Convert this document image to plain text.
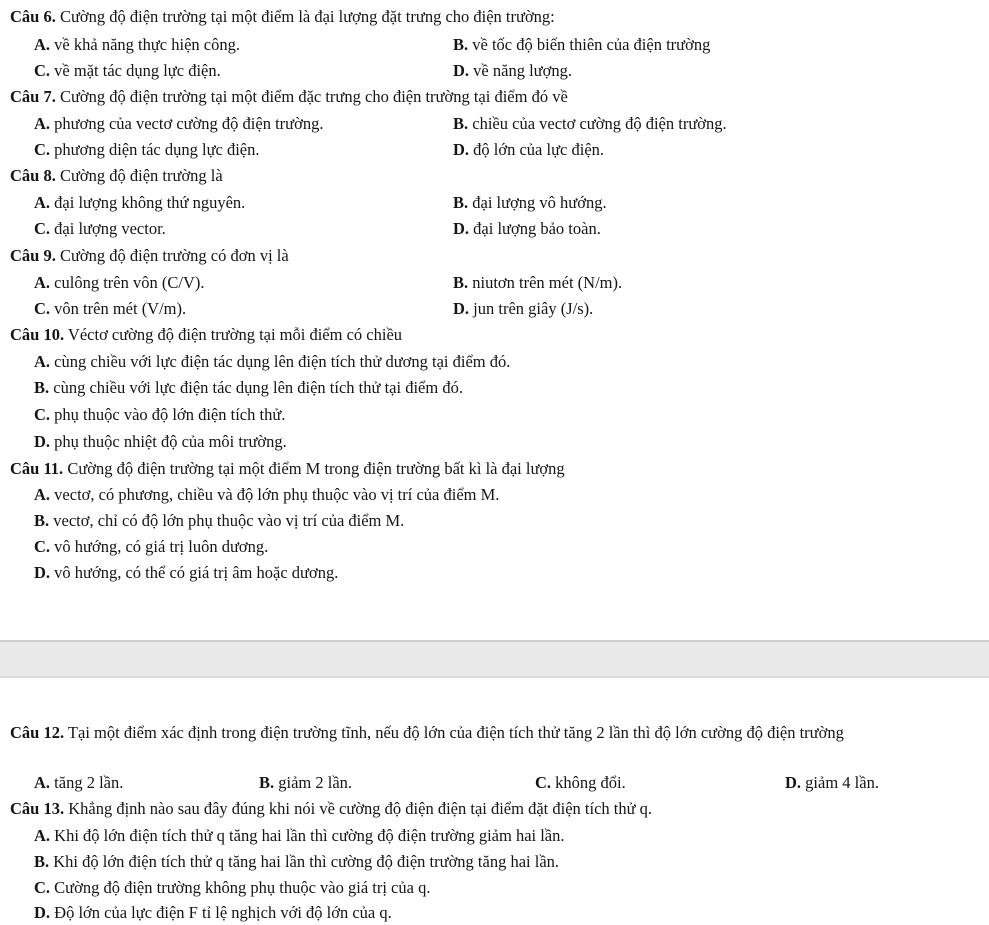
Câu 6. Cường độ điện trường tại một điểm là đại lượng đặt trưng cho điện trường:
A. về khả năng thực hiện công.	B. về tốc độ biến thiên của điện trường
C. về mặt tác dụng lực điện.	D. về năng lượng.
Câu 7. Cường độ điện trường tại một điểm đặc trưng cho điện trường tại điểm đó về
A. phương của vectơ cường độ điện trường.	B. chiều của vectơ cường độ điện trường.
C. phương diện tác dụng lực điện.	D. độ lớn của lực điện.
Câu 8. Cường độ điện trường là
A. đại lượng không thứ nguyên.	B. đại lượng vô hướng.
C. đại lượng vector.	D. đại lượng bảo toàn.
Câu 9. Cường độ điện trường có đơn vị là
A. culông trên vôn (C/V).	B. niutơn trên mét (N/m).
C. vôn trên mét (V/m).	D. jun trên giây (J/s).
Câu 10. Véctơ cường độ điện trường tại mỗi điểm có chiều
A. cùng chiều với lực điện tác dụng lên điện tích thử dương tại điểm đó.
B. cùng chiều với lực điện tác dụng lên điện tích thử tại điểm đó.
C. phụ thuộc vào độ lớn điện tích thử.
D. phụ thuộc nhiệt độ của môi trường.
Câu 11. Cường độ điện trường tại một điểm M trong điện trường bất kì là đại lượng
A. vectơ, có phương, chiều và độ lớn phụ thuộc vào vị trí của điểm M.
B. vectơ, chỉ có độ lớn phụ thuộc vào vị trí của điểm M.
C. vô hướng, có giá trị luôn dương.
D. vô hướng, có thể có giá trị âm hoặc dương.
Câu 12. Tại một điểm xác định trong điện trường tĩnh, nếu độ lớn của điện tích thử tăng 2 lần thì độ lớn cường độ điện trường
A. tăng 2 lần.	B. giảm 2 lần.	C. không đổi.	D. giảm 4 lần.
Câu 13. Khẳng định nào sau đây đúng khi nói về cường độ điện điện tại điểm đặt điện tích thử q.
A. Khi độ lớn điện tích thử q tăng hai lần thì cường độ điện trường giảm hai lần.
B. Khi độ lớn điện tích thử q tăng hai lần thì cường độ điện trường tăng hai lần.
C. Cường độ điện trường không phụ thuộc vào giá trị của q.
D. Độ lớn của lực điện F tỉ lệ nghịch với độ lớn của q.
